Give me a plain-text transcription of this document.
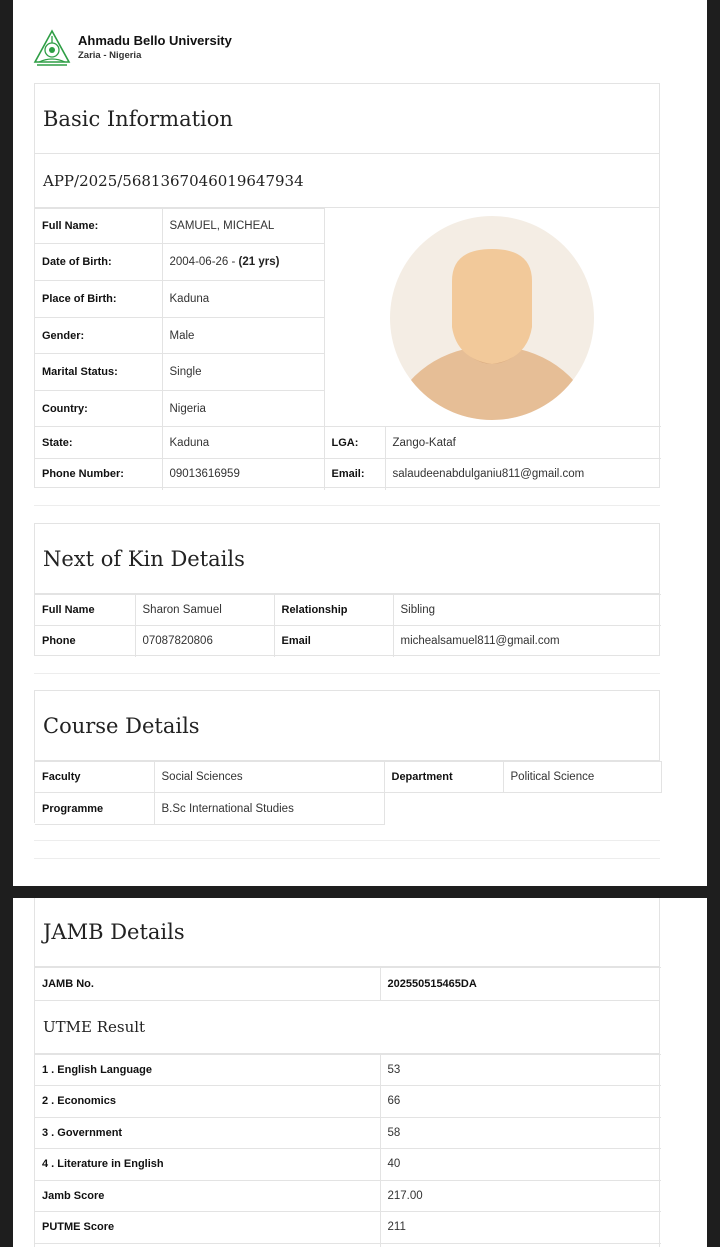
Ahmadu Bello University
Zaria - Nigeria
Basic Information
APP/2025/5681367046019647934
Full Name:	SAMUEL, MICHEAL	

Date of Birth:	2004-06-26 - (21 yrs)		
Place of Birth:	Kaduna		
Gender:	Male		
Marital Status:	Single		
Country:	Nigeria		
State:	Kaduna	LGA:	Zango-Kataf
Phone Number:	09013616959	Email:	salaudeenabdulganiu811@gmail.com
Next of Kin Details
Full Name	Sharon Samuel	Relationship	Sibling
Phone	07087820806	Email	michealsamuel811@gmail.com
Course Details
Faculty	Social Sciences	Department	Political Science
Programme	B.Sc International Studies		
JAMB Details
JAMB No.	202550515465DA
UTME Result
1 . English Language	53
2 . Economics	66
3 . Government	58
4 . Literature in English	40
Jamb Score	217.00
PUTME Score	211
